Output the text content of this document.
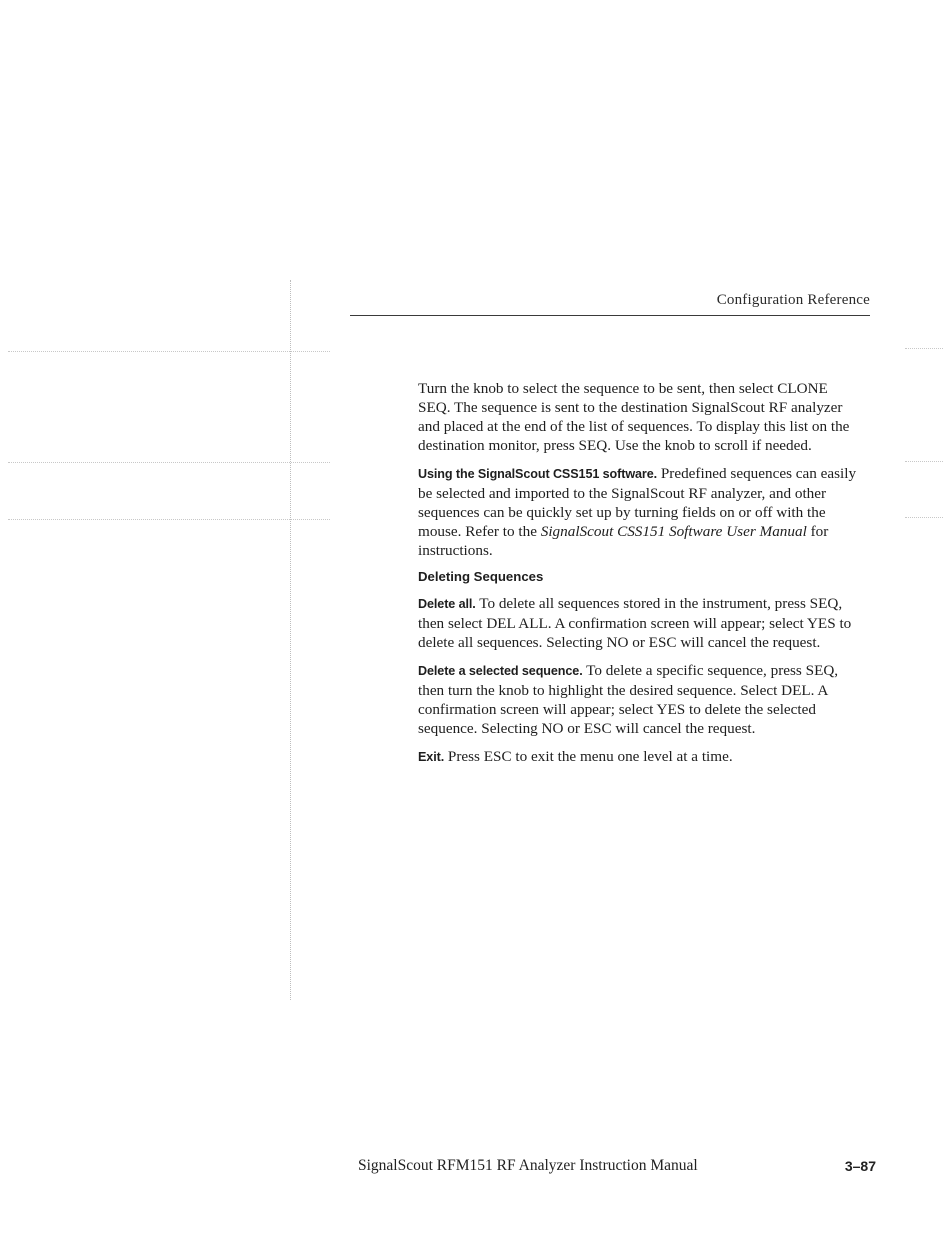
Configuration Reference

Turn the knob to select the sequence to be sent, then select CLONE SEQ. The sequence is sent to the destination SignalScout RF analyzer and placed at the end of the list of sequences. To display this list on the destination monitor, press SEQ. Use the knob to scroll if needed.

Using the SignalScout CSS151 software. Predefined sequences can easily be selected and imported to the SignalScout RF analyzer, and other sequences can be quickly set up by turning fields on or off with the mouse. Refer to the SignalScout CSS151 Software User Manual for instructions.

Deleting Sequences

Delete all. To delete all sequences stored in the instrument, press SEQ, then select DEL ALL. A confirmation screen will appear; select YES to delete all sequences. Selecting NO or ESC will cancel the request.

Delete a selected sequence. To delete a specific sequence, press SEQ, then turn the knob to highlight the desired sequence. Select DEL. A confirmation screen will appear; select YES to delete the selected sequence. Selecting NO or ESC will cancel the request.

Exit. Press ESC to exit the menu one level at a time.

SignalScout RFM151 RF Analyzer Instruction Manual	3–87
